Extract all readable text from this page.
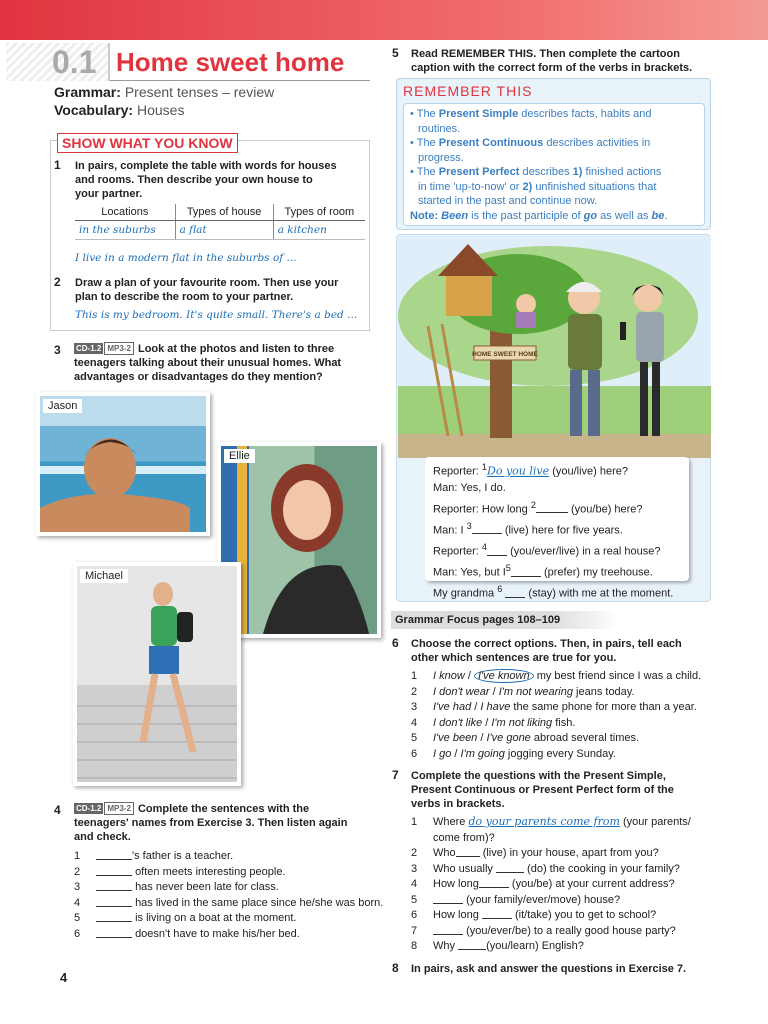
0.1 Home sweet home
Grammar: Present tenses – review
Vocabulary: Houses
SHOW WHAT YOU KNOW
1 In pairs, complete the table with words for houses
and rooms. Then describe your own house to
your partner.
Locations	Types of house	Types of room
in the suburbs	a flat	a kitchen
I live in a modern flat in the suburbs of ...
2 Draw a plan of your favourite room. Then use your
plan to describe the room to your partner.
This is my bedroom. It's quite small. There's a bed ...
3 CD-1.2 MP3-2 Look at the photos and listen to three
teenagers talking about their unusual homes. What
advantages or disadvantages do they mention?
Jason
Ellie
Michael
4 CD-1.2 MP3-2 Complete the sentences with the
teenagers' names from Exercise 3. Then listen again
and check.
1	's father is a teacher.
2	often meets interesting people.
3	has never been late for class.
4	has lived in the same place since he/she was born.
5	is living on a boat at the moment.
6	doesn't have to make his/her bed.
4
5 Read REMEMBER THIS. Then complete the cartoon
caption with the correct form of the verbs in brackets.
REMEMBER THIS
• The Present Simple describes facts, habits and
routines.
• The Present Continuous describes activities in
progress.
• The Present Perfect describes 1) finished actions
in time 'up-to-now' or 2) unfinished situations that
started in the past and continue now.
Note: Been is the past participle of go as well as be.
HOME SWEET HOME
Reporter: $^1$Do you live (you/live) here?
Man: Yes, I do.
Reporter: How long $^2$	(you/be) here?
Man: I $^3$	(live) here for five years.
Reporter: $^4$ (you/ever/live) in a real house?
Man: Yes, but $I^5$	(prefer) my treehouse.
My grandma $^6$ (stay) with me at the moment.
Grammar Focus pages 108–109
6 Choose the correct options. Then, in pairs, tell each
other which sentences are true for you.
1 I know / I've known my best friend since I was a child.
2 I don't wear / I'm not wearing jeans today.
3 I've had / I have the same phone for more than a year.
4 I don't like / I'm not liking fish.
5 I've been / I've gone abroad several times.
6 I go / I'm going jogging every Sunday.
7 Complete the questions with the Present Simple,
Present Continuous or Present Perfect form of the
verbs in brackets.
1 Where do your parents come from (your parents/
come from)?
2 Who (live) in your house, apart from you?
3 Who usually	(do) the cooking in your family?
4 How long	(you/be) at your current address?
5	(your family/ever/move) house?
6 How long	(it/take) you to get to school?
7	(you/ever/be) to a really good house party?
8 Why	(you/learn) English?
8 In pairs, ask and answer the questions in Exercise 7.
